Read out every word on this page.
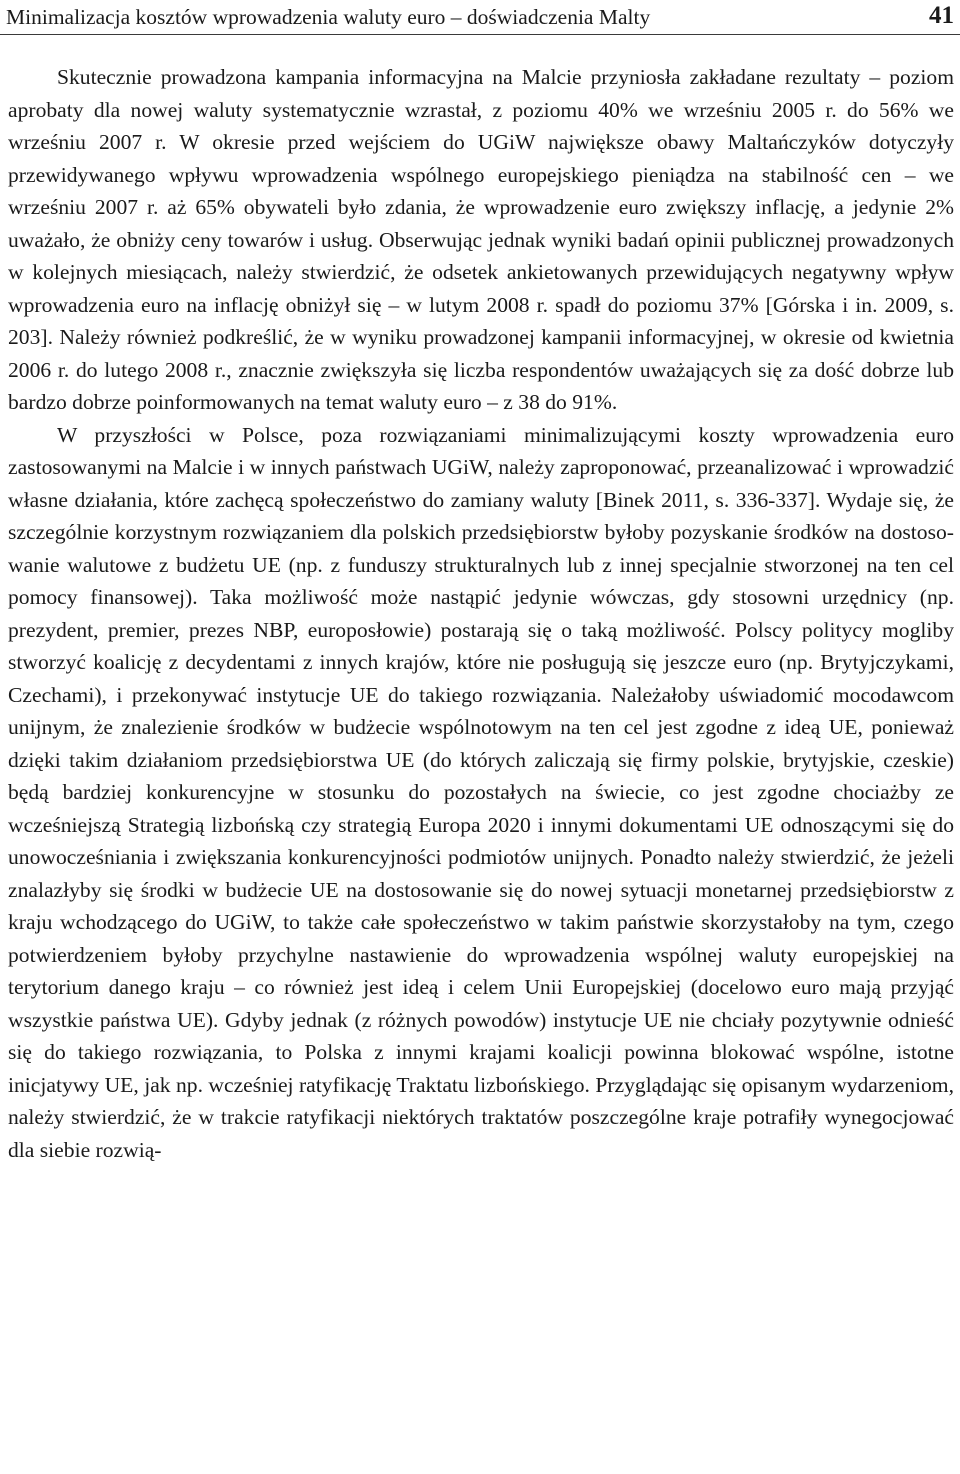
Minimalizacja kosztów wprowadzenia waluty euro – doświadczenia Malty	41

Skutecznie prowadzona kampania informacyjna na Malcie przyniosła zakładane rezultaty – poziom aprobaty dla nowej waluty systematycznie wzrastał, z poziomu 40% we wrześniu 2005 r. do 56% we wrześniu 2007 r. W okresie przed wejściem do UGiW największe obawy Maltańczyków dotyczyły przewidywanego wpływu wprowadzenia wspólnego europejskiego pieniądza na stabilność cen – we wrześniu 2007 r. aż 65% obywateli było zdania, że wprowadzenie euro zwiększy inflację, a jedynie 2% uważało, że obniży ceny towarów i usług. Obserwując jednak wyniki badań opinii publicznej prowadzonych w kolejnych miesiącach, należy stwierdzić, że odsetek ankietowanych przewidujących negatywny wpływ wprowadzenia euro na inflację obniżył się – w lutym 2008 r. spadł do poziomu 37% [Górska i in. 2009, s. 203]. Należy również podkreślić, że w wyniku prowadzonej kampanii informacyjnej, w okresie od kwietnia 2006 r. do lutego 2008 r., znacznie zwiększyła się liczba respondentów uważających się za dość dobrze lub bardzo dobrze poinformowanych na temat waluty euro – z 38 do 91%.

W przyszłości w Polsce, poza rozwiązaniami minimalizującymi koszty wprowadzenia euro zastosowanymi na Malcie i w innych państwach UGiW, należy zaproponować, przeanalizować i wprowadzić własne działania, które zachęcą społeczeństwo do zamiany waluty [Binek 2011, s. 336-337]. Wydaje się, że szczególnie korzystnym rozwiązaniem dla polskich przedsiębiorstw byłoby pozyskanie środków na dostosowanie walutowe z budżetu UE (np. z funduszy strukturalnych lub z innej specjalnie stworzonej na ten cel pomocy finansowej). Taka możliwość może nastąpić jedynie wówczas, gdy stosowni urzędnicy (np. prezydent, premier, prezes NBP, europosłowie) postarają się o taką możliwość. Polscy politycy mogliby stworzyć koalicję z decydentami z innych krajów, które nie posługują się jeszcze euro (np. Brytyjczykami, Czechami), i przekonywać instytucje UE do takiego rozwiązania. Należałoby uświadomić mocodawcom unijnym, że znalezienie środków w budżecie wspólnotowym na ten cel jest zgodne z ideą UE, ponieważ dzięki takim działaniom przedsiębiorstwa UE (do których zaliczają się firmy polskie, brytyjskie, czeskie) będą bardziej konkurencyjne w stosunku do pozostałych na świecie, co jest zgodne chociażby ze wcześniejszą Strategią lizbońską czy strategią Europa 2020 i innymi dokumentami UE odnoszącymi się do unowocześniania i zwiększania konkurencyjności podmiotów unijnych. Ponadto należy stwierdzić, że jeżeli znalazłyby się środki w budżecie UE na dostosowanie się do nowej sytuacji monetarnej przedsiębiorstw z kraju wchodzącego do UGiW, to także całe społeczeństwo w takim państwie skorzystałoby na tym, czego potwierdzeniem byłoby przychylne nastawienie do wprowadzenia wspólnej waluty europejskiej na terytorium danego kraju – co również jest ideą i celem Unii Europejskiej (docelowo euro mają przyjąć wszystkie państwa UE). Gdyby jednak (z różnych powodów) instytucje UE nie chciały pozytywnie odnieść się do takiego rozwiązania, to Polska z innymi krajami koalicji powinna blokować wspólne, istotne inicjatywy UE, jak np. wcześniej ratyfikację Traktatu lizbońskiego. Przyglądając się opisanym wydarzeniom, należy stwierdzić, że w trakcie ratyfikacji niektórych traktatów poszczególne kraje potrafiły wynegocjować dla siebie rozwią-
